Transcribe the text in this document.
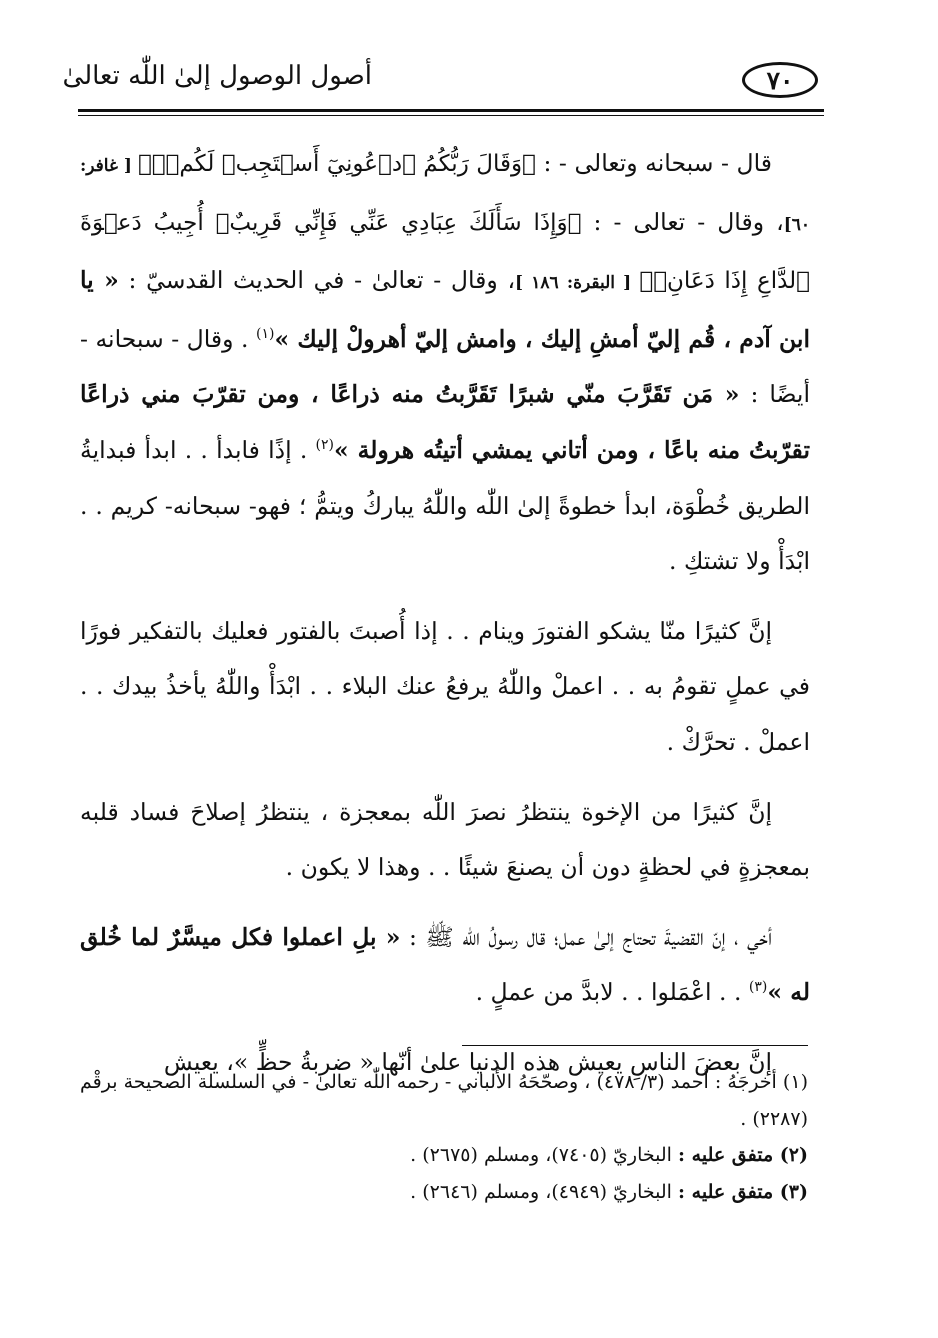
أصول الوصول إلىٰ اللّٰه تعالىٰ	٧٠

قال - سبحانه وتعالى - : ﴿وَقَالَ رَبُّكُمُ ٱدۡعُونِيٓ أَسۡتَجِبۡ لَكُمۡۚ﴾ [ غافر: ٦٠]، وقال - تعالى - : ﴿وَإِذَا سَأَلَكَ عِبَادِي عَنِّي فَإِنِّي قَرِيبٌۖ أُجِيبُ دَعۡوَةَ ٱلدَّاعِ إِذَا دَعَانِۖ﴾ [ البقرة: ١٨٦ ]، وقال - تعالىٰ - في الحديث القدسيّ : « يا ابن آدم ، قُم إليّ أمشِ إليك ، وامش إليّ أهرولْ إليك »$^{(١)}$ . وقال - سبحانه - أيضًا : « مَن تَقَرَّبَ منّي شبرًا تَقَرَّبتُ منه ذراعًا ، ومن تقرّبَ مني ذراعًا تقرّبتُ منه باعًا ، ومن أتاني يمشي أتيتُه هرولة »$^{(٢)}$ . إذًا فابدأ . . ابدأ فبدايةُ الطريق خُطْوَة، ابدأ خطوةً إلىٰ اللّٰه واللّٰهُ يباركُ ويتمُّ ؛ فهو- سبحانه- كريم . . ابْدَأْ ولا تشتكِ .

إنَّ كثيرًا منّا يشكو الفتورَ وينام . . إذا أُصبتَ بالفتور فعليك بالتفكير فورًا في عملٍ تقومُ به . . اعملْ واللّٰهُ يرفعُ عنك البلاء . . ابْدَأْ واللّٰهُ يأخذُ بيدك . . اعملْ . تحرَّكْ .

إنَّ كثيرًا من الإخوة ينتظرُ نصرَ اللّٰه بمعجزة ، ينتظرُ إصلاحَ فساد قلبه بمعجزةٍ في لحظةٍ دون أن يصنعَ شيئًا . . وهذا لا يكون .

أخي ، إنّ القضيةَ تحتاج إلىٰ عمل؛ قال رسولُ اللّٰه ﷺ : « بلِ اعملوا فكل ميسَّرٌ لما خُلق له »$^{(٣)}$ . . اعْمَلوا . . لابدَّ من عملٍ .

إنَّ بعضَ الناسِ يعيش هذه الدنيا علىٰ أنّها « ضربةُ حظٍّ »، يعيش

(١) أخرجَهُ : أحمد (٣/ ٤٧٨) ، وصحّحَهُ الألباني - رحمه اللّٰه تعالىٰ - في السلسلة الصحيحة برقْم (٢٢٨٧) .
(٢) متفق عليه : البخاريّ (٧٤٠٥)، ومسلم (٢٦٧٥) .
(٣) متفق عليه : البخاريّ (٤٩٤٩)، ومسلم (٢٦٤٦) .
